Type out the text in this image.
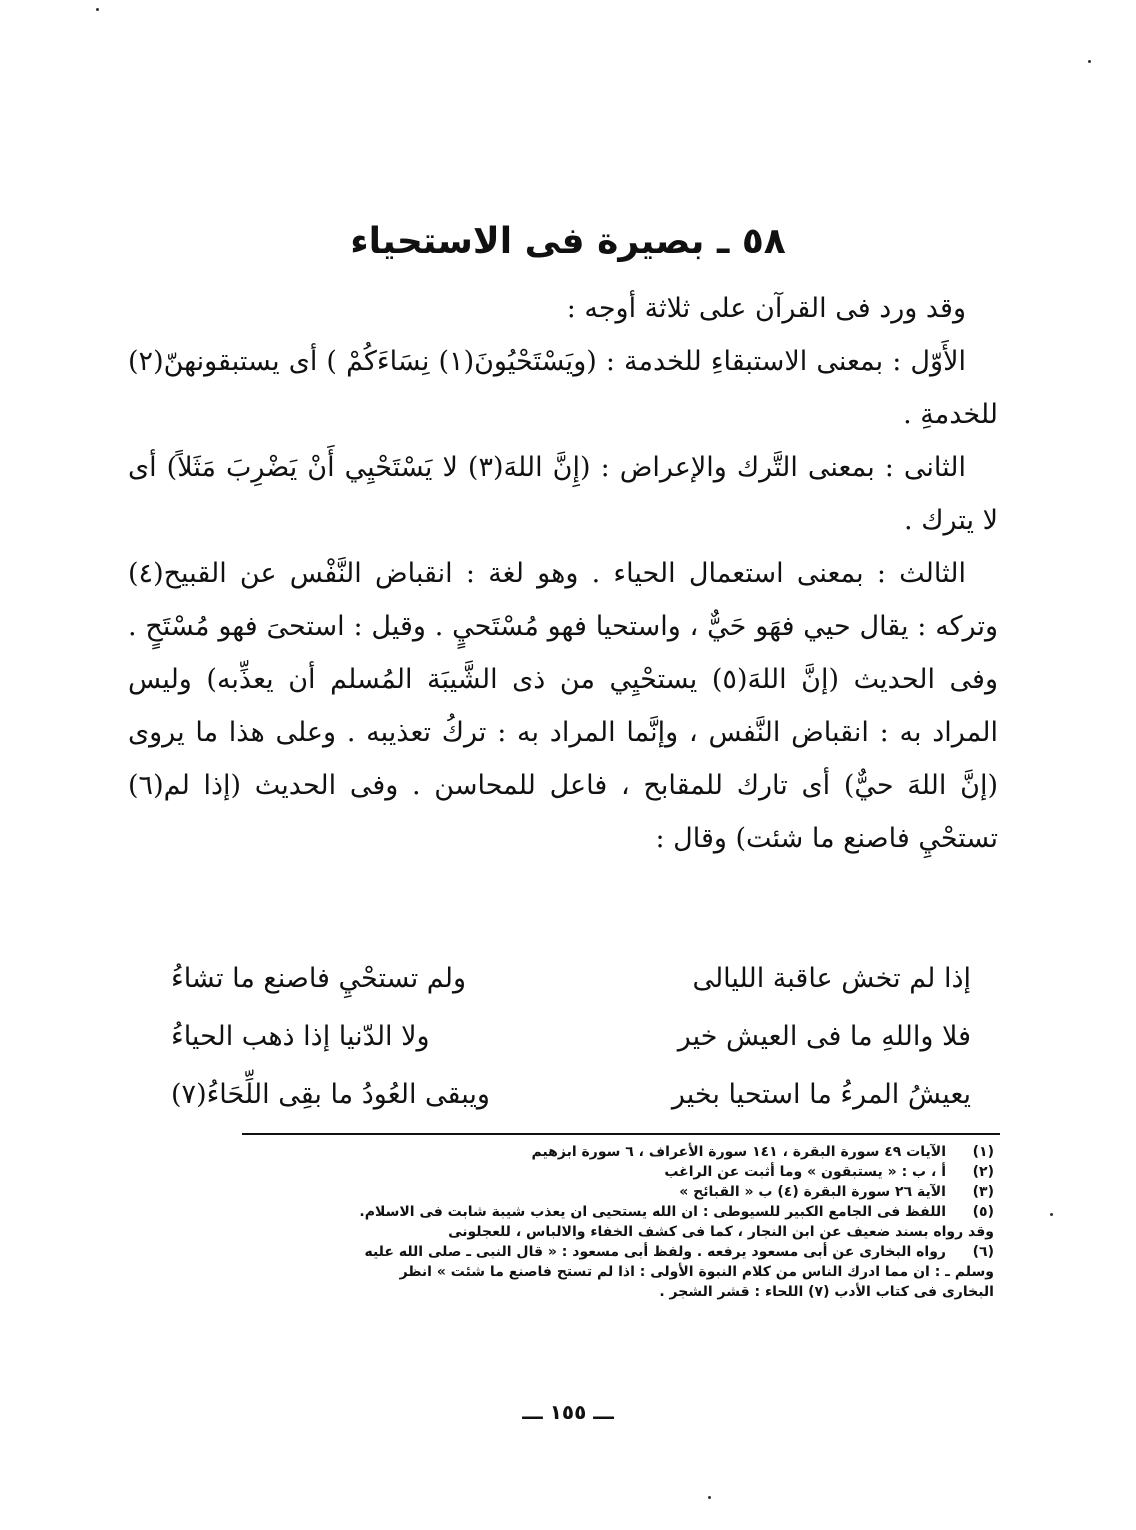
٥٨ ـ بصيرة فى الاستحياء

وقد ورد فى القرآن على ثلاثة أوجه :

الأَوّل : بمعنى الاستبقاءِ للخدمة : (ويَسْتَحْيُونَ(١) نِسَاءَكُمْ ) أى يستبقونهنّ(٢) للخدمةِ .

الثانى : بمعنى التَّرك والإعراض : (إِنَّ اللهَ(٣) لا يَسْتَحْيِي أَنْ يَضْرِبَ مَثَلاً) أى لا يترك .

الثالث : بمعنى استعمال الحياء . وهو لغة : انقباض النَّفْس عن القبيح(٤) وتركه : يقال حيي فهَو حَيٌّ ، واستحيا فهو مُسْتَحيٍ . وقيل : استحىَ فهو مُسْتَحٍ . وفى الحديث (إنَّ اللهَ(٥) يستحْيِي من ذى الشَّيبَة المُسلم أن يعذِّبه) وليس المراد به : انقباض النَّفس ، وإنَّما المراد به : تركُ تعذيبه . وعلى هذا ما يروى (إنَّ اللهَ حيٌّ) أى تارك للمقابح ، فاعل للمحاسن . وفى الحديث (إذا لم(٦) تستحْيِ فاصنع ما شئت) وقال :

إذا لم تخش عاقبة الليالى
ولم تستحْيِ فاصنع ما تشاءُ
فلا واللهِ ما فى العيش خير
ولا الدّنيا إذا ذهب الحياءُ
يعيشُ المرءُ ما استحيا بخير
ويبقى العُودُ ما بقِى اللِّحَاءُ(٧)

(١)الآيات ٤٩ سورة البقرة ، ١٤١ سورة الأعراف ، ٦ سورة ابزهيم

(٢)أ ، ب : « يستبقون » وما أثبت عن الراغب

(٣)الآية ٢٦ سورة البقرة (٤) ب « القبائح »

(٥)اللفظ فى الجامع الكبير للسيوطى : ان الله يستحيى ان يعذب شيبة شابت فى الاسلام.

وقد رواه بسند ضعيف عن ابن النجار ، كما فى كشف الخفاء والالباس ، للعجلونى

(٦)رواه البخارى عن أبى مسعود يرفعه . ولفظ أبى مسعود : « قال النبى ـ صلى الله عليه

وسلم ـ : ان مما ادرك الناس من كلام النبوة الأولى : اذا لم تستح فاصنع ما شئت » انظر

البخارى فى كتاب الأدب (٧) اللحاء : قشر الشجر .

ـــ ١٥٥ ـــ
